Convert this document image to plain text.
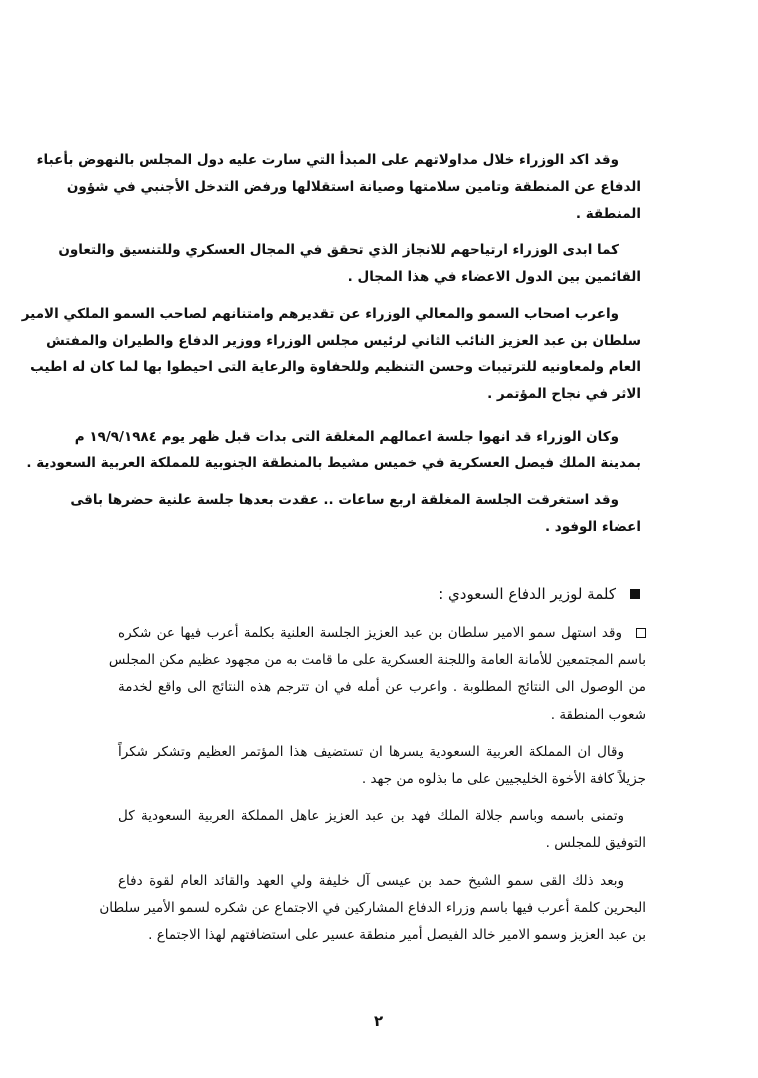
وقد اكد الوزراء خلال مداولاتهم على المبدأ التي سارت عليه دول المجلس بالنهوض بأعباء
الدفاع عن المنطقة وتامين سلامتها وصيانة استقلالها ورفض التدخل الأجنبي في شؤون
المنطقة .
كما ابدى الوزراء ارتياحهم للانجاز الذي تحقق في المجال العسكري وللتنسيق والتعاون
القائمين بين الدول الاعضاء في هذا المجال .
واعرب اصحاب السمو والمعالي الوزراء عن تقديرهم وامتنانهم لصاحب السمو الملكي الامير
سلطان بن عبد العزيز النائب الثاني لرئيس مجلس الوزراء ووزير الدفاع والطيران والمفتش
العام ولمعاونيه للترتيبات وحسن التنظيم وللحفاوة والرعاية التى احيطوا بها لما كان له اطيب
الاثر في نجاح المؤتمر .
وكان الوزراء قد انهوا جلسة اعمالهم المغلقة التى بدات قبل ظهر يوم ١٩/٩/١٩٨٤ م
بمدينة الملك فيصل العسكرية في خميس مشيط بالمنطقة الجنوبية للمملكة العربية السعودية .
وقد استغرقت الجلسة المغلقة اربع ساعات .. عقدت بعدها جلسة علنية حضرها باقى
اعضاء الوفود .
وقد استهل سمو الامير سلطان بن عبد العزيز الجلسة العلنية بكلمة أعرب فيها عن شكره
باسم المجتمعين للأمانة العامة واللجنة العسكرية على ما قامت به من مجهود عظيم مكن المجلس
من الوصول الى النتائج المطلوبة . واعرب عن أمله في ان تترجم هذه النتائج الى واقع لخدمة
شعوب المنطقة .
وقال ان المملكة العربية السعودية يسرها ان تستضيف هذا المؤتمر العظيم وتشكر شكراً
جزيلاً كافة الأخوة الخليجيين على ما بذلوه من جهد .
وتمنى باسمه وباسم جلالة الملك فهد بن عبد العزيز عاهل المملكة العربية السعودية كل
التوفيق للمجلس .
وبعد ذلك القى سمو الشيخ حمد بن عيسى آل خليفة ولي العهد والقائد العام لقوة دفاع
البحرين كلمة أعرب فيها باسم وزراء الدفاع المشاركين في الاجتماع عن شكره لسمو الأمير سلطان
بن عبد العزيز وسمو الامير خالد الفيصل أمير منطقة عسير على استضافتهم لهذا الاجتماع .
كلمة لوزير الدفاع السعودي :
٢
